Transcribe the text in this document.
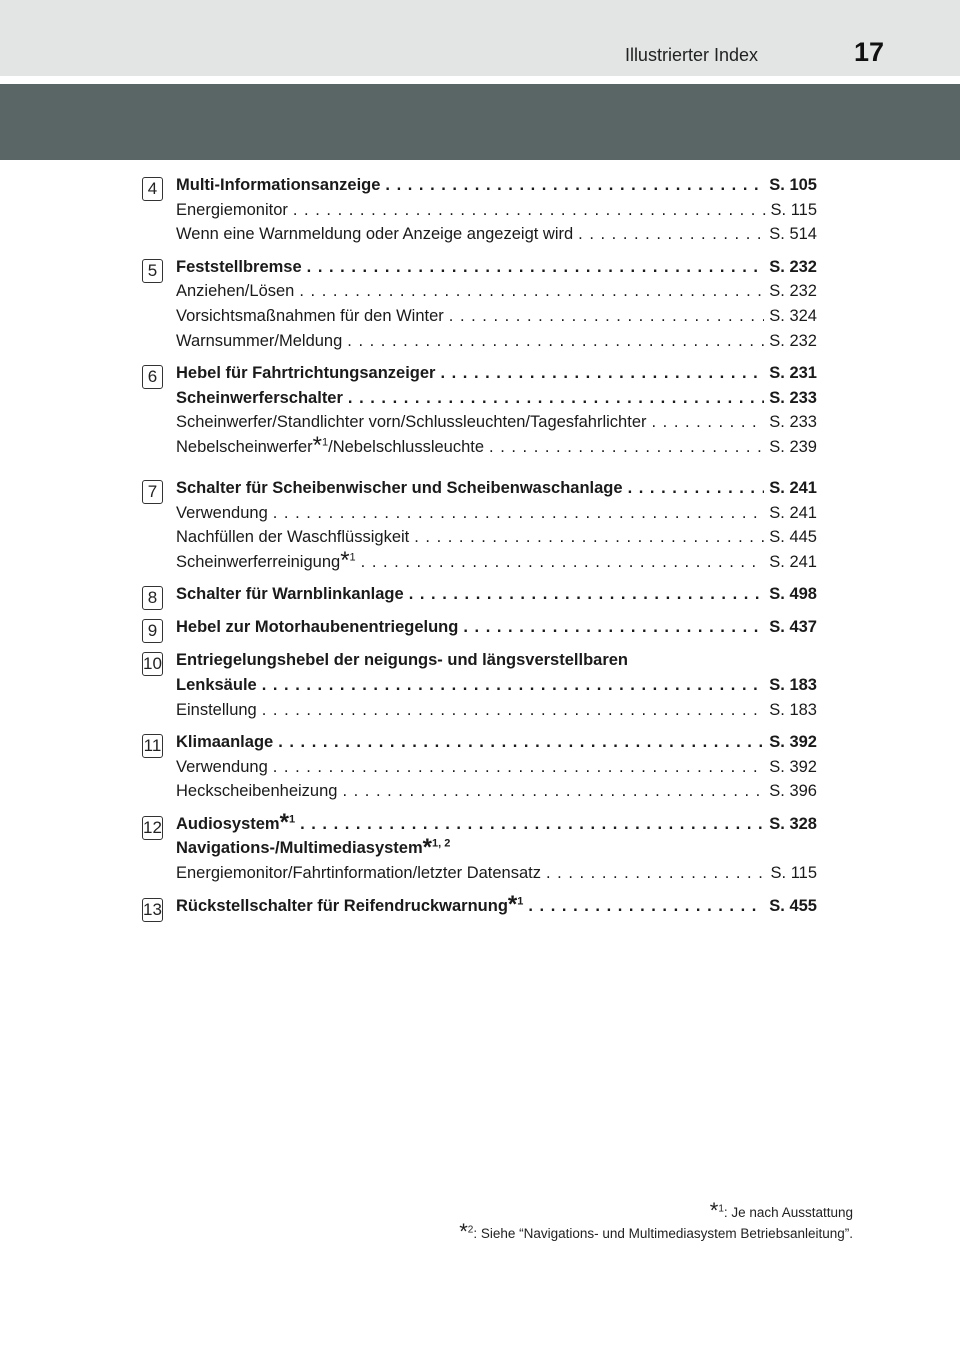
Illustrierter Index	17
4	Multi-Informationsanzeige . . .	S. 105
Energiemonitor . . .	S. 115
Wenn eine Warnmeldung oder Anzeige angezeigt wird . . .	S. 514
5	Feststellbremse . . .	S. 232
Anziehen/Lösen . . .	S. 232
Vorsichtsmaßnahmen für den Winter . . .	S. 324
Warnsummer/Meldung . . .	S. 232
6	Hebel für Fahrtrichtungsanzeiger . . .	S. 231
Scheinwerferschalter . . .	S. 233
Scheinwerfer/Standlichter vorn/Schlussleuchten/Tagesfahrlichter . . .	S. 233
Nebelscheinwerfer*$^1$/Nebelschlussleuchte . . .	S. 239
7	Schalter für Scheibenwischer und Scheibenwaschanlage . . .	S. 241
Verwendung . . .	S. 241
Nachfüllen der Waschflüssigkeit . . .	S. 445
Scheinwerferreinigung*$^1$ . . .	S. 241
8	Schalter für Warnblinkanlage . . .	S. 498
9	Hebel zur Motorhaubenentriegelung . . .	S. 437
10 Entriegelungshebel der neigungs- und längsverstellbaren
Lenksäule . . .	S. 183
Einstellung . . .	S. 183
11 Klimaanlage . . .	S. 392
Verwendung . . .	S. 392
Heckscheibenheizung . . .	S. 396
12 Audiosystem*$^1$ . . .	S. 328
Navigations-/Multimediasystem*$^{1, 2}$
Energiemonitor/Fahrtinformation/letzter Datensatz . . .	S. 115
13 Rückstellschalter für Reifendruckwarnung*$^1$ . . .	S. 455
*$^1$: Je nach Ausstattung
*$^2$: Siehe “Navigations- und Multimediasystem Betriebsanleitung”.
